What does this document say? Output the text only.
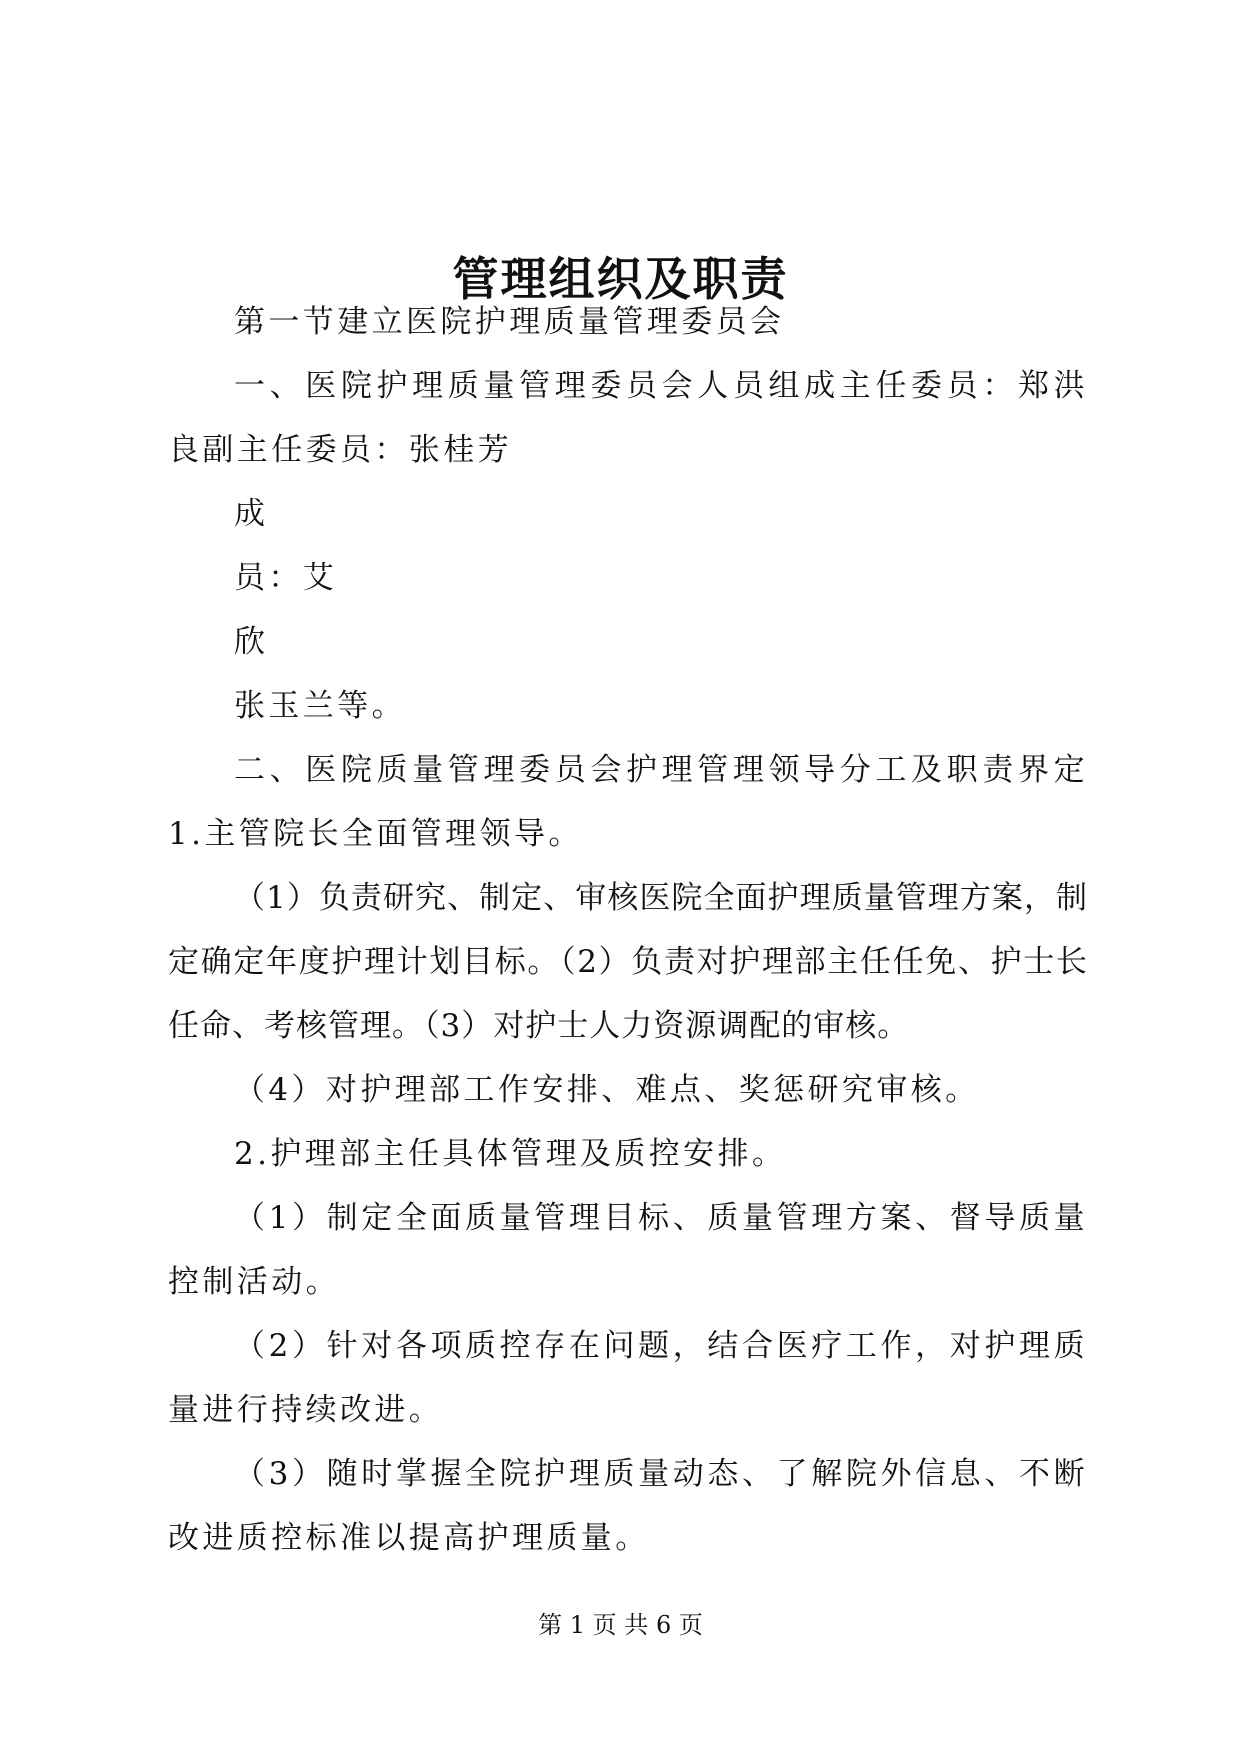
管理组织及职责

第一节建立医院护理质量管理委员会

一、医院护理质量管理委员会人员组成主任委员：郑洪良副主任委员：张桂芳

成

员：艾

欣

张玉兰等。

二、医院质量管理委员会护理管理领导分工及职责界定 1.主管院长全面管理领导。

（1）负责研究、制定、审核医院全面护理质量管理方案，制定确定年度护理计划目标。（2）负责对护理部主任任免、护士长任命、考核管理。（3）对护士人力资源调配的审核。

（4）对护理部工作安排、难点、奖惩研究审核。

2.护理部主任具体管理及质控安排。

（1）制定全面质量管理目标、质量管理方案、督导质量控制活动。

（2）针对各项质控存在问题，结合医疗工作，对护理质量进行持续改进。

（3）随时掌握全院护理质量动态、了解院外信息、不断改进质控标准以提高护理质量。

第 1 页 共 6 页
